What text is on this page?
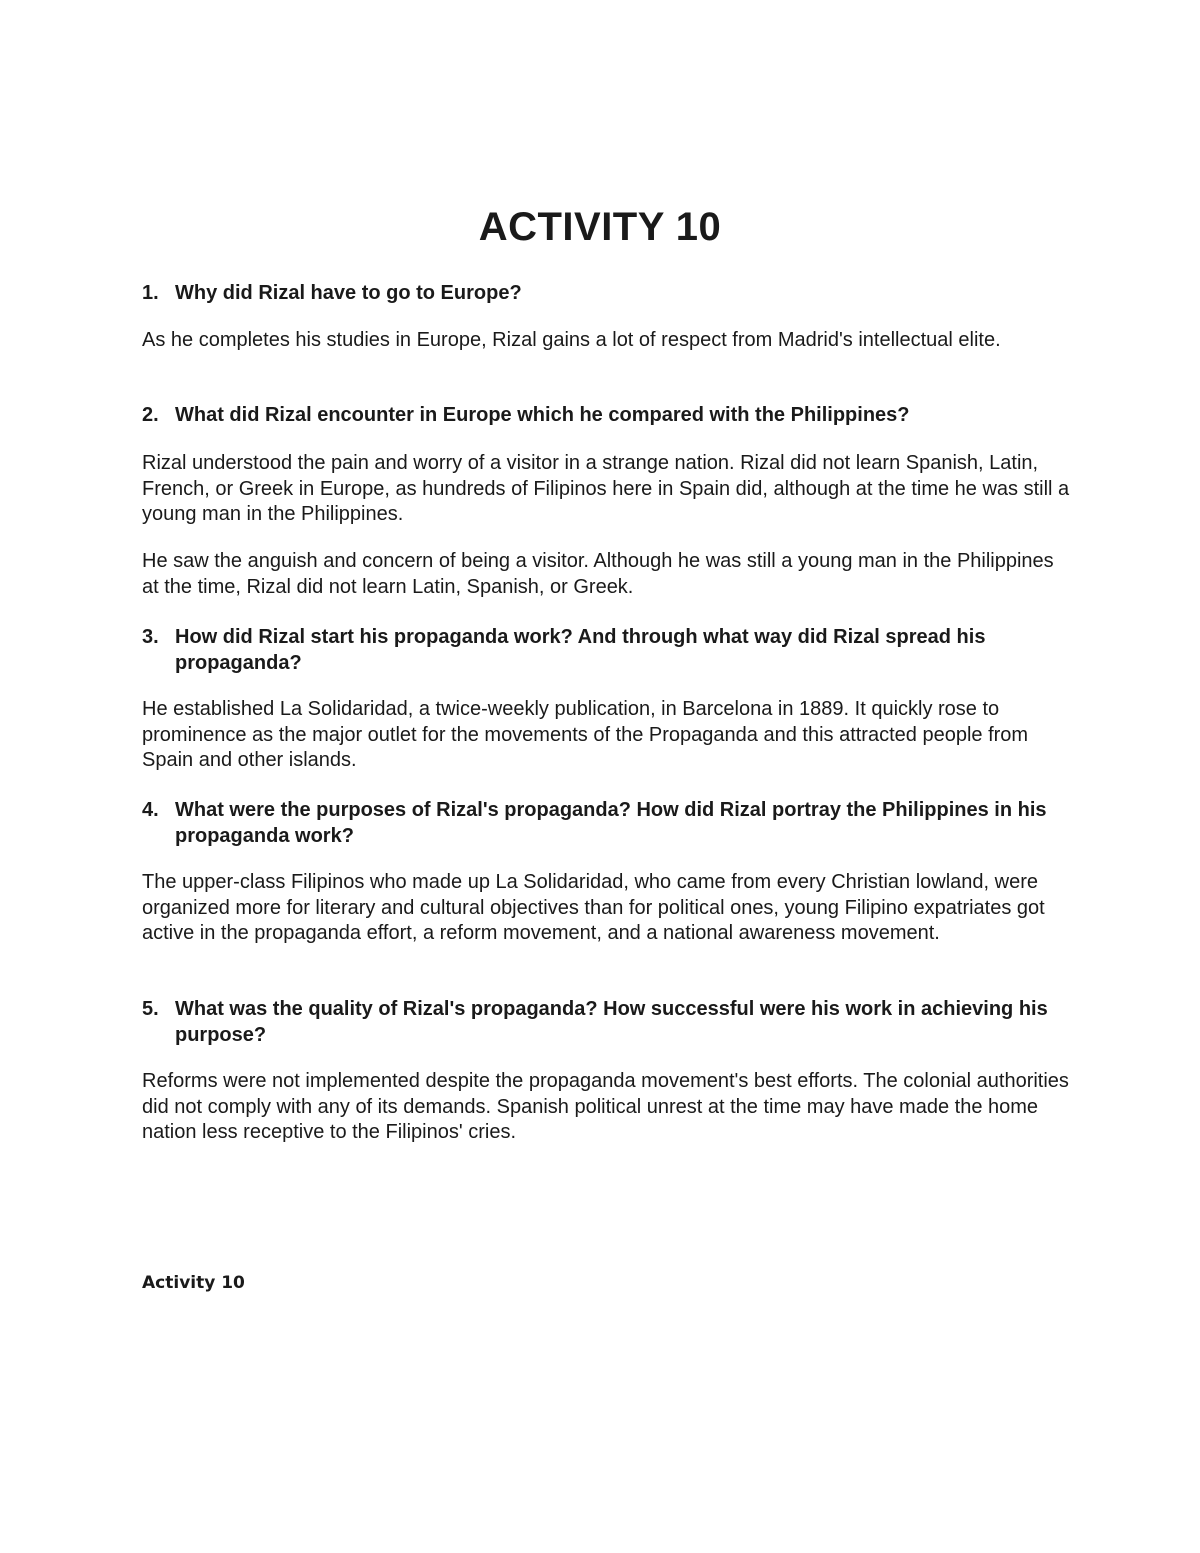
ACTIVITY 10
1. Why did Rizal have to go to Europe?

As he completes his studies in Europe, Rizal gains a lot of respect from Madrid's intellectual elite.

2. What did Rizal encounter in Europe which he compared with the Philippines?

Rizal understood the pain and worry of a visitor in a strange nation. Rizal did not learn Spanish, Latin, French, or Greek in Europe, as hundreds of Filipinos here in Spain did, although at the time he was still a young man in the Philippines.

He saw the anguish and concern of being a visitor. Although he was still a young man in the Philippines at the time, Rizal did not learn Latin, Spanish, or Greek.

3. How did Rizal start his propaganda work? And through what way did Rizal spread his propaganda?

He established La Solidaridad, a twice-weekly publication, in Barcelona in 1889. It quickly rose to prominence as the major outlet for the movements of the Propaganda and this attracted people from Spain and other islands.

4. What were the purposes of Rizal's propaganda? How did Rizal portray the Philippines in his propaganda work?

The upper-class Filipinos who made up La Solidaridad, who came from every Christian lowland, were organized more for literary and cultural objectives than for political ones, young Filipino expatriates got active in the propaganda effort, a reform movement, and a national awareness movement.

5. What was the quality of Rizal's propaganda? How successful were his work in achieving his purpose?

Reforms were not implemented despite the propaganda movement's best efforts. The colonial authorities did not comply with any of its demands. Spanish political unrest at the time may have made the home nation less receptive to the Filipinos' cries.

Activity 10
